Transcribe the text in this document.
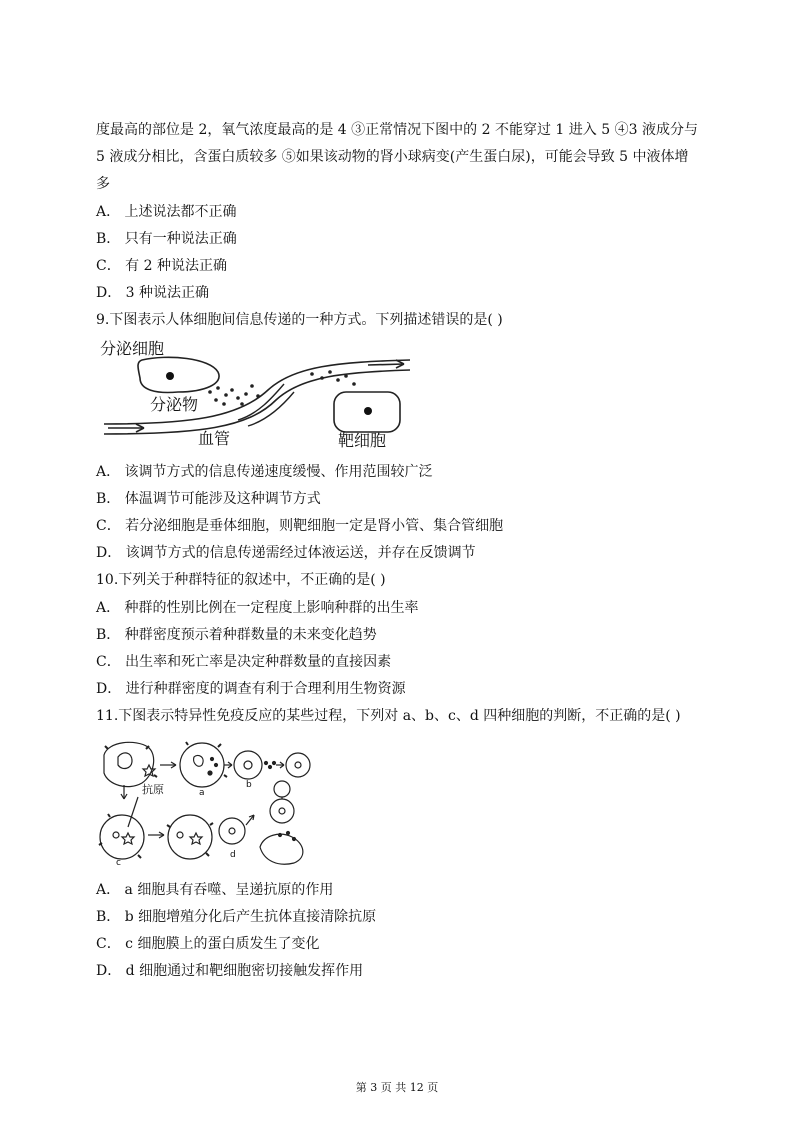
度最高的部位是 2，氧气浓度最高的是 4 ③正常情况下图中的 2 不能穿过 1 进入 5 ④3 液成分与
5 液成分相比，含蛋白质较多 ⑤如果该动物的肾小球病变(产生蛋白尿)，可能会导致 5 中液体增
多
A． 上述说法都不正确
B． 只有一种说法正确
C． 有 2 种说法正确
D． 3 种说法正确
9.下图表示人体细胞间信息传递的一种方式。下列描述错误的是( )
分泌细胞
分泌物
血管	靶细胞
A． 该调节方式的信息传递速度缓慢、作用范围较广泛
B． 体温调节可能涉及这种调节方式
C． 若分泌细胞是垂体细胞，则靶细胞一定是肾小管、集合管细胞
D． 该调节方式的信息传递需经过体液运送，并存在反馈调节
10.下列关于种群特征的叙述中，不正确的是( )
A． 种群的性别比例在一定程度上影响种群的出生率
B． 种群密度预示着种群数量的未来变化趋势
C． 出生率和死亡率是决定种群数量的直接因素
D． 进行种群密度的调查有利于合理利用生物资源
11.下图表示特异性免疫反应的某些过程，下列对 a、b、c、d 四种细胞的判断，不正确的是( )
抗原	a
b
c
d
A． a 细胞具有吞噬、呈递抗原的作用
B． b 细胞增殖分化后产生抗体直接清除抗原
C． c 细胞膜上的蛋白质发生了变化
D． d 细胞通过和靶细胞密切接触发挥作用
第 3 页 共 12 页
